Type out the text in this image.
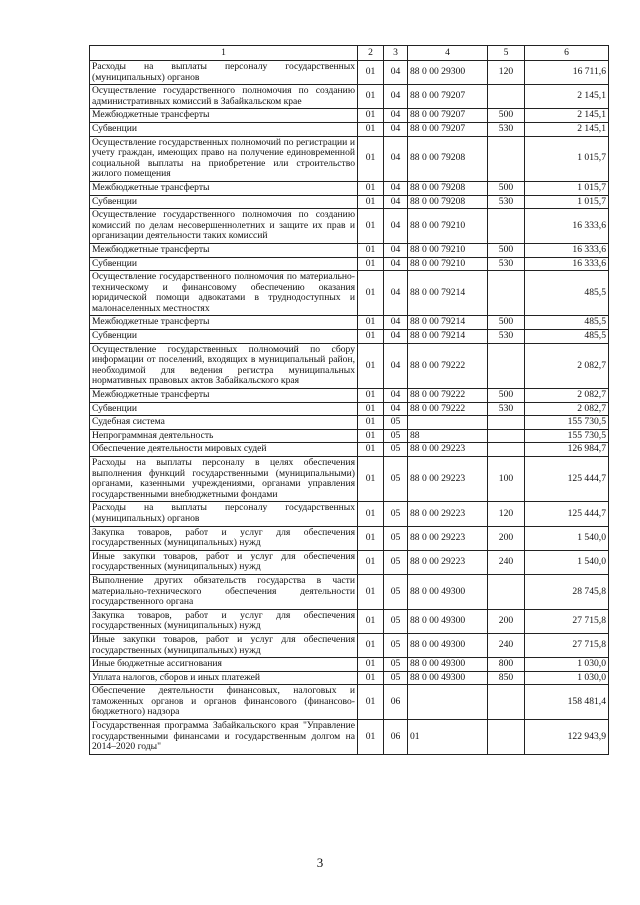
1	2	3	4	5	6
Расходы на выплаты персоналу государственных (муниципальных) органов	01	04	88 0 00 29300	120	16 711,6
Осуществление государственного полномочия по созданию административных комиссий в Забайкальском крае	01	04	88 0 00 79207		2 145,1
Межбюджетные трансферты	01	04	88 0 00 79207	500	2 145,1
Субвенции	01	04	88 0 00 79207	530	2 145,1
Осуществление государственных полномочий по регистрации и учету граждан, имеющих право на получение единовременной социальной выплаты на приобретение или строительство жилого помещения	01	04	88 0 00 79208		1 015,7
Межбюджетные трансферты	01	04	88 0 00 79208	500	1 015,7
Субвенции	01	04	88 0 00 79208	530	1 015,7
Осуществление государственного полномочия по созданию комиссий по делам несовершеннолетних и защите их прав и организации деятельности таких комиссий	01	04	88 0 00 79210		16 333,6
Межбюджетные трансферты	01	04	88 0 00 79210	500	16 333,6
Субвенции	01	04	88 0 00 79210	530	16 333,6
Осуществление государственного полномочия по материально-техническому и финансовому обеспечению оказания юридической помощи адвокатами в труднодоступных и малонаселенных местностях	01	04	88 0 00 79214		485,5
Межбюджетные трансферты	01	04	88 0 00 79214	500	485,5
Субвенции	01	04	88 0 00 79214	530	485,5
Осуществление государственных полномочий по сбору информации от поселений, входящих в муниципальный район, необходимой для ведения регистра муниципальных нормативных правовых актов Забайкальского края	01	04	88 0 00 79222		2 082,7
Межбюджетные трансферты	01	04	88 0 00 79222	500	2 082,7
Субвенции	01	04	88 0 00 79222	530	2 082,7
Судебная система	01	05			155 730,5
Непрограммная деятельность	01	05	88		155 730,5
Обеспечение деятельности мировых судей	01	05	88 0 00 29223		126 984,7
Расходы на выплаты персоналу в целях обеспечения выполнения функций государственными (муниципальными) органами, казенными учреждениями, органами управления государственными внебюджетными фондами	01	05	88 0 00 29223	100	125 444,7
Расходы на выплаты персоналу государственных (муниципальных) органов	01	05	88 0 00 29223	120	125 444,7
Закупка товаров, работ и услуг для обеспечения государственных (муниципальных) нужд	01	05	88 0 00 29223	200	1 540,0
Иные закупки товаров, работ и услуг для обеспечения государственных (муниципальных) нужд	01	05	88 0 00 29223	240	1 540,0
Выполнение других обязательств государства в части материально-технического обеспечения деятельности государственного органа	01	05	88 0 00 49300		28 745,8
Закупка товаров, работ и услуг для обеспечения государственных (муниципальных) нужд	01	05	88 0 00 49300	200	27 715,8
Иные закупки товаров, работ и услуг для обеспечения государственных (муниципальных) нужд	01	05	88 0 00 49300	240	27 715,8
Иные бюджетные ассигнования	01	05	88 0 00 49300	800	1 030,0
Уплата налогов, сборов и иных платежей	01	05	88 0 00 49300	850	1 030,0
Обеспечение деятельности финансовых, налоговых и таможенных органов и органов финансового (финансово-бюджетного) надзора	01	06			158 481,4
Государственная программа Забайкальского края "Управление государственными финансами и государственным долгом на 2014–2020 годы"	01	06	01		122 943,9
3
